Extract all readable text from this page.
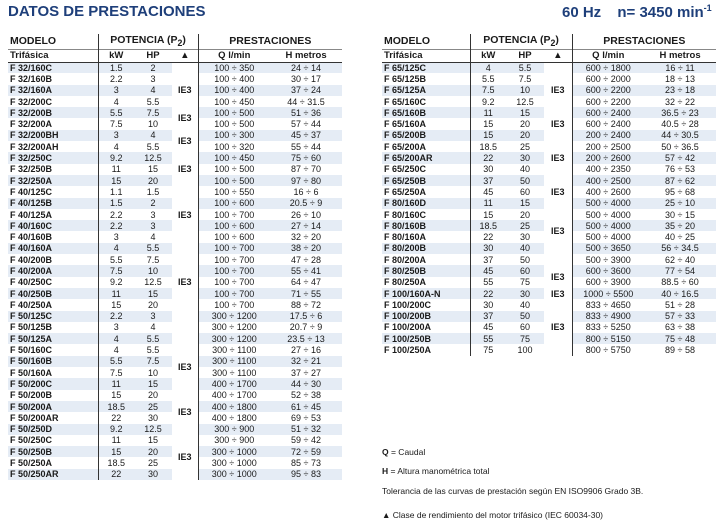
DATOS DE PRESTACIONES	60 Hz n= 3450 $\min^{-1}$
MODELO	POTENCIA $(P_2)$			PRESTACIONES	
Trifásica	kW	HP	▲	Q l/min	H metros
F 32/160C	1.5	2		100 ÷ 350	24 ÷ 14
F 32/160B	2.2	3	IE3	100 ÷ 400	30 ÷ 17
F 32/160A	3	4		100 ÷ 400	37 ÷ 24
F 32/200C	4	5.5		100 ÷ 450	44 ÷ 31.5
F 32/200B	5.5	7.5	IE3	100 ÷ 500	51 ÷ 36
F 32/200A	7.5	10		100 ÷ 500	57 ÷ 44
F 32/200BH	3	4	IE3	100 ÷ 300	45 ÷ 37
F 32/200AH	4	5.5		100 ÷ 320	55 ÷ 44
F 32/250C	9.2	12.5	IE3	100 ÷ 450	75 ÷ 60
F 32/250B	11	15		100 ÷ 500	87 ÷ 70
F 32/250A	15	20		100 ÷ 500	97 ÷ 80
F 40/125C	1.1	1.5		100 ÷ 550	16 ÷ 6
F 40/125B	1.5	2	IE3	100 ÷ 600	20.5 ÷ 9
F 40/125A	2.2	3		100 ÷ 700	26 ÷ 10
F 40/160C	2.2	3		100 ÷ 600	27 ÷ 14
F 40/160B	3	4	IE3	100 ÷ 600	32 ÷ 20
F 40/160A	4	5.5		100 ÷ 700	38 ÷ 20
F 40/200B	5.5	7.5		100 ÷ 700	47 ÷ 28
F 40/200A	7.5	10		100 ÷ 700	55 ÷ 41
F 40/250C	9.2	12.5		100 ÷ 700	64 ÷ 47
F 40/250B	11	15		100 ÷ 700	71 ÷ 55
F 40/250A	15	20		100 ÷ 700	88 ÷ 72
F 50/125C	2.2	3		300 ÷ 1200	17.5 ÷ 6
F 50/125B	3	4		300 ÷ 1200	20.7 ÷ 9
F 50/125A	4	5.5		300 ÷ 1200	23.5 ÷ 13
F 50/160C	4	5.5	IE3	300 ÷ 1100	27 ÷ 16
F 50/160B	5.5	7.5		300 ÷ 1100	32 ÷ 21
F 50/160A	7.5	10		300 ÷ 1100	37 ÷ 27
F 50/200C	11	15		400 ÷ 1700	44 ÷ 30
F 50/200B	15	20	IE3	400 ÷ 1700	52 ÷ 38
F 50/200A	18.5	25		400 ÷ 1800	61 ÷ 45
F 50/200AR	22	30		400 ÷ 1800	69 ÷ 53
F 50/250D	9.2	12.5		300 ÷ 900	51 ÷ 32
F 50/250C	11	15	IE3	300 ÷ 900	59 ÷ 42
F 50/250B	15	20		300 ÷ 1000	72 ÷ 59
F 50/250A	18.5	25		300 ÷ 1000	85 ÷ 73
F 50/250AR	22	30		300 ÷ 1000	95 ÷ 83
MODELO	POTENCIA $(P_2)$			PRESTACIONES	
Trifásica	kW	HP	▲	Q l/min	H metros
F 65/125C	4	5.5		600 ÷ 1800	16 ÷ 11
F 65/125B	5.5	7.5	IE3	600 ÷ 2000	18 ÷ 13
F 65/125A	7.5	10		600 ÷ 2200	23 ÷ 18
F 65/160C	9.2	12.5		600 ÷ 2200	32 ÷ 22
F 65/160B	11	15	IE3	600 ÷ 2400	36.5 ÷ 23
F 65/160A	15	20		600 ÷ 2400	40.5 ÷ 28
F 65/200B	15	20		200 ÷ 2400	44 ÷ 30.5
F 65/200A	18.5	25	IE3	200 ÷ 2500	50 ÷ 36.5
F 65/200AR	22	30		200 ÷ 2600	57 ÷ 42
F 65/250C	30	40		400 ÷ 2350	76 ÷ 53
F 65/250B	37	50	IE3	400 ÷ 2500	87 ÷ 62
F 65/250A	45	60		400 ÷ 2600	95 ÷ 68
F 80/160D	11	15		500 ÷ 4000	25 ÷ 10
F 80/160C	15	20	IE3	500 ÷ 4000	30 ÷ 15
F 80/160B	18.5	25		500 ÷ 4000	35 ÷ 20
F 80/160A	22	30		500 ÷ 4000	40 ÷ 25
F 80/200B	30	40		500 ÷ 3650	56 ÷ 34.5
F 80/200A	37	50		500 ÷ 3900	62 ÷ 40
F 80/250B	45	60	IE3	600 ÷ 3600	77 ÷ 54
F 80/250A	55	75		600 ÷ 3900	88.5 ÷ 60
F 100/160A-N	22	30	IE3	1000 ÷ 5500	40 ÷ 16.5
F 100/200C	30	40		833 ÷ 4650	51 ÷ 28
F 100/200B	37	50	IE3	833 ÷ 4900	57 ÷ 33
F 100/200A	45	60		833 ÷ 5250	63 ÷ 38
F 100/250B	55	75		800 ÷ 5150	75 ÷ 48
F 100/250A	75	100		800 ÷ 5750	89 ÷ 58
Q = Caudal
H = Altura manométrica total
Tolerancia de las curvas de prestación según EN ISO9906 Grado 3B.
▲ Clase de rendimiento del motor trifásico (IEC 60034-30)
